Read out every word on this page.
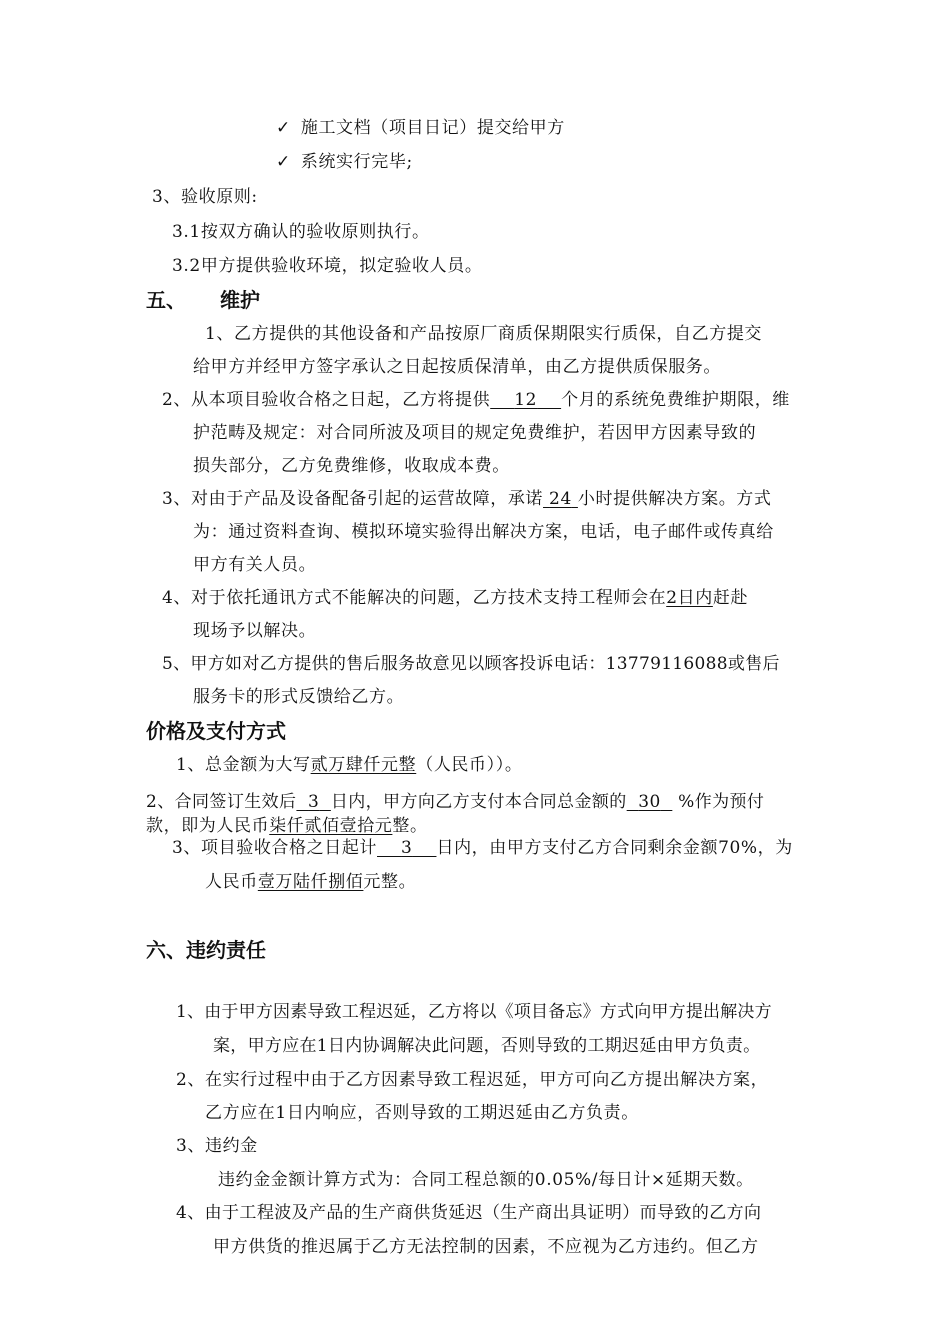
✓ 施工文档（项目日记）提交给甲方
✓ 系统实行完毕;
3、验收原则:
3.1按双方确认的验收原则执行。
3.2甲方提供验收环境，拟定验收人员。
五、 维护
1、乙方提供的其他设备和产品按原厂商质保期限实行质保，自乙方提交
给甲方并经甲方签字承认之日起按质保清单，由乙方提供质保服务。
2、从本项目验收合格之日起，乙方将提供 12 个月的系统免费维护期限，维
护范畴及规定：对合同所波及项目的规定免费维护，若因甲方因素导致的
损失部分，乙方免费维修，收取成本费。
3、对由于产品及设备配备引起的运营故障，承诺 24 小时提供解决方案。方式
为：通过资料查询、模拟环境实验得出解决方案，电话，电子邮件或传真给
甲方有关人员。
4、对于依托通讯方式不能解决的问题，乙方技术支持工程师会在2日内赶赴
现场予以解决。
5、甲方如对乙方提供的售后服务故意见以顾客投诉电话：13779116088或售后
服务卡的形式反馈给乙方。
价格及支付方式
1、总金额为大写贰万肆仟元整（人民币））。
2、合同签订生效后 3 日内，甲方向乙方支付本合同总金额的 30 %作为预付
款，即为人民币柒仟贰佰壹拾元整。
3、项目验收合格之日起计 3 日内，由甲方支付乙方合同剩余金额70%，为
人民币壹万陆仟捌佰元整。
六、违约责任
1、由于甲方因素导致工程迟延，乙方将以《项目备忘》方式向甲方提出解决方
案，甲方应在1日内协调解决此问题，否则导致的工期迟延由甲方负责。
2、在实行过程中由于乙方因素导致工程迟延，甲方可向乙方提出解决方案，
乙方应在1日内响应，否则导致的工期迟延由乙方负责。
3、违约金
违约金金额计算方式为：合同工程总额的0.05%/每日计×延期天数。
4、由于工程波及产品的生产商供货延迟（生产商出具证明）而导致的乙方向
甲方供货的推迟属于乙方无法控制的因素，不应视为乙方违约。但乙方
